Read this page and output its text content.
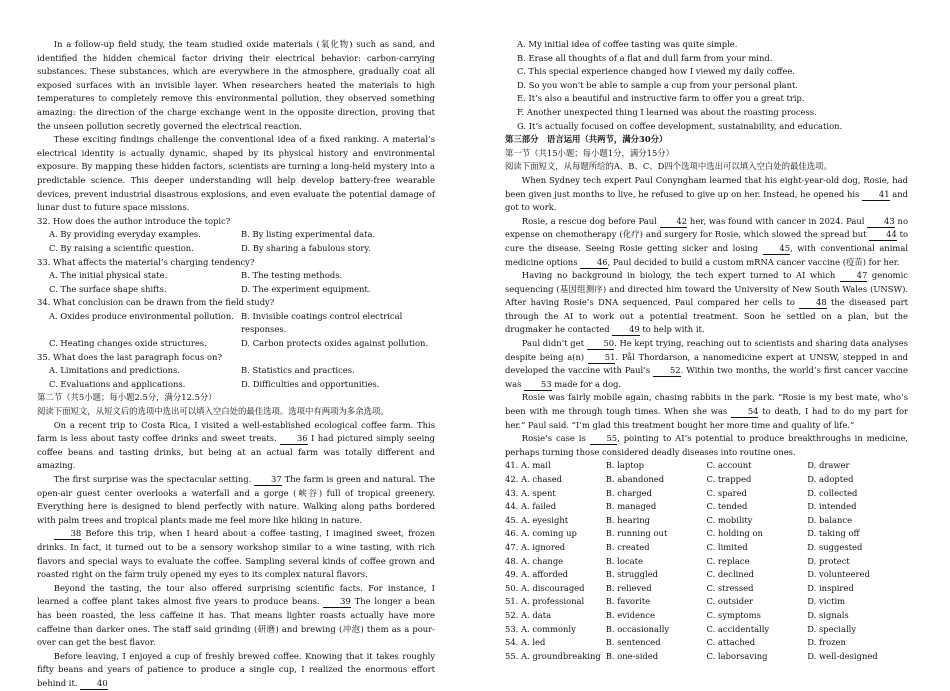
In a follow-up field study, the team studied oxide materials (氧化物) such as sand, and identified the hidden chemical factor driving their electrical behavior: carbon-carrying substances. These substances, which are everywhere in the atmosphere, gradually coat all exposed surfaces with an invisible layer. When researchers heated the materials to high temperatures to completely remove this environmental pollution, they observed something amazing: the direction of the charge exchange went in the opposite direction, proving that the unseen pollution secretly governed the electrical reaction.

These exciting findings challenge the conventional idea of a fixed ranking. A material’s electrical identity is actually dynamic, shaped by its physical history and environmental exposure. By mapping these hidden factors, scientists are turning a long-held mystery into a predictable science. This deeper understanding will help develop battery-free wearable devices, prevent industrial disastrous explosions, and even evaluate the potential damage of lunar dust to future space missions.

32. How does the author introduce the topic?
A. By providing everyday examples.	B. By listing experimental data.
C. By raising a scientific question.	D. By sharing a fabulous story.
33. What affects the material’s charging tendency?
A. The initial physical state.	B. The testing methods.
C. The surface shape shifts.	D. The experiment equipment.
34. What conclusion can be drawn from the field study?
A. Oxides produce environmental pollution. B. Invisible coatings control electrical responses.
C. Heating changes oxide structures.	D. Carbon protects oxides against pollution.
35. What does the last paragraph focus on?
A. Limitations and predictions.	B. Statistics and practices.
C. Evaluations and applications.	D. Difficulties and opportunities.
第二节（共5小题；每小题2.5分，满分12.5分）
阅读下面短文，从短文后的选项中选出可以填入空白处的最佳选项。选项中有两项为多余选项。

On a recent trip to Costa Rica, I visited a well-established ecological coffee farm. This farm is less about tasty coffee drinks and sweet treats. 36 I had pictured simply seeing coffee beans and tasting drinks, but being at an actual farm was totally different and amazing.

The first surprise was the spectacular setting. 37 The farm is green and natural. The open-air guest center overlooks a waterfall and a gorge (峡谷) full of tropical greenery. Everything here is designed to blend perfectly with nature. Walking along paths bordered with palm trees and tropical plants made me feel more like hiking in nature.

38 Before this trip, when I heard about a coffee tasting, I imagined sweet, frozen drinks. In fact, it turned out to be a sensory workshop similar to a wine tasting, with rich flavors and special ways to evaluate the coffee. Sampling several kinds of coffee grown and roasted right on the farm truly opened my eyes to its complex natural flavors.

Beyond the tasting, the tour also offered surprising scientific facts. For instance, I learned a coffee plant takes almost five years to produce beans. 39 The longer a bean has been roasted, the less caffeine it has. That means lighter roasts actually have more caffeine than darker ones. The staff said grinding (研磨) and brewing (冲泡) them as a pour-over can get the best flavor.

Before leaving, I enjoyed a cup of freshly brewed coffee. Knowing that it takes roughly fifty beans and years of patience to produce a single cup, I realized the enormous effort behind it. 40

A. My initial idea of coffee tasting was quite simple.
B. Erase all thoughts of a flat and dull farm from your mind.
C. This special experience changed how I viewed my daily coffee.
D. So you won’t be able to sample a cup from your personal plant.
E. It’s also a beautiful and instructive farm to offer you a great trip.
F. Another unexpected thing I learned was about the roasting process.
G. It’s actually focused on coffee development, sustainability, and education.
第三部分　语言运用（共两节，满分30分）
第一节（共15小题；每小题1分，满分15分）
阅读下面短文，从每题所给的A、B、C、D四个选项中选出可以填入空白处的最佳选项。

When Sydney tech expert Paul Conyngham learned that his eight-year-old dog, Rosie, had been given just months to live, he refused to give up on her. Instead, he opened his 41 and got to work.

Rosie, a rescue dog before Paul 42 her, was found with cancer in 2024. Paul 43 no expense on chemotherapy (化疗) and surgery for Rosie, which slowed the spread but 44 to cure the disease. Seeing Rosie getting sicker and losing 45, with conventional animal medicine options 46, Paul decided to build a custom mRNA cancer vaccine (疫苗) for her.

Having no background in biology, the tech expert turned to AI which 47 genomic sequencing (基因组测序) and directed him toward the University of New South Wales (UNSW). After having Rosie’s DNA sequenced, Paul compared her cells to 48 the diseased part through the AI to work out a potential treatment. Soon he settled on a plan, but the drugmaker he contacted 49 to help with it.

Paul didn’t get 50. He kept trying, reaching out to scientists and sharing data analyses despite being a(n) 51. Pål Thordarson, a nanomedicine expert at UNSW, stepped in and developed the vaccine with Paul’s 52. Within two months, the world’s first cancer vaccine was 53 made for a dog.

Rosie was fairly mobile again, chasing rabbits in the park. “Rosie is my best mate, who’s been with me through tough times. When she was 54 to death, I had to do my part for her.” Paul said. “I’m glad this treatment bought her more time and quality of life.”

Rosie’s case is 55, pointing to AI’s potential to produce breakthroughs in medicine, perhaps turning those considered deadly diseases into routine ones.

41. A. mail	B. laptop	C. account	D. drawer
42. A. chased	B. abandoned	C. trapped	D. adopted
43. A. spent	B. charged	C. spared	D. collected
44. A. failed	B. managed	C. tended	D. intended
45. A. eyesight	B. hearing	C. mobility	D. balance
46. A. coming up	B. running out	C. holding on	D. taking off
47. A. ignored	B. created	C. limited	D. suggested
48. A. change	B. locate	C. replace	D. protect
49. A. afforded	B. struggled	C. declined	D. volunteered
50. A. discouraged	B. relieved	C. stressed	D. inspired
51. A. professional	B. favorite	C. outsider	D. victim
52. A. data	B. evidence	C. symptoms	D. signals
53. A. commonly	B. occasionally	C. accidentally	D. specially
54. A. led	B. sentenced	C. attached	D. frozen
55. A. groundbreaking B. one-sided	C. laborsaving	D. well-designed
